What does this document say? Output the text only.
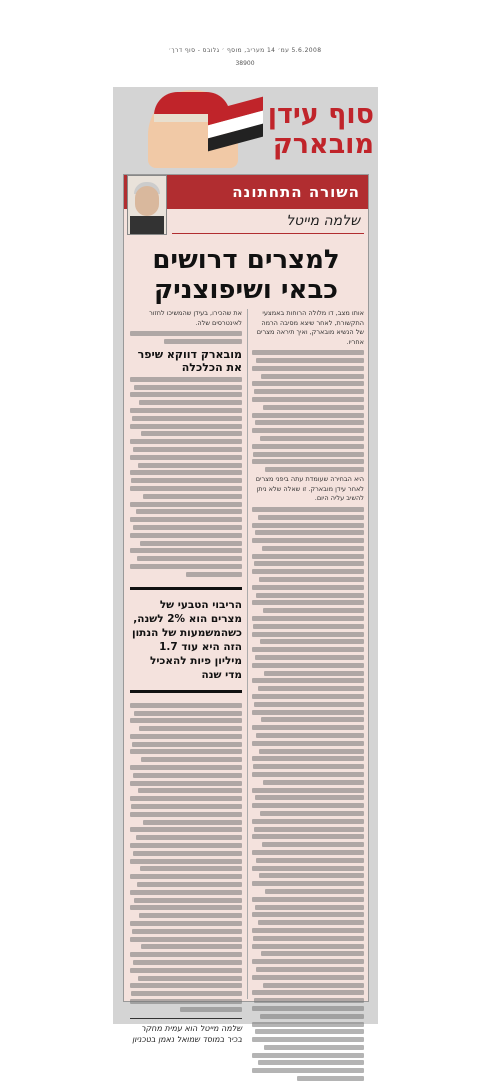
5.6.2008 עמ׳ 14 מעריב, מוסף ׳ גלובס - סוף דרך׳
38900
סוף עידן
מובארק
השורה התחתונה
שלמה מייטל
למצרים דרושים
כבאי ושיפוצניק
אותו מצב, דו מלולה הרוחות באמצעי התקשורת, לאחר שיצא מסיבה הרמה של הנשיא מובארק, ואיך תיראה מצרים אחריו.
היא הבחירה שעומדת עתה ביפני מצרים לאחר עידן מובארק. זו שאלה שלא ניתן להשיב עליה היום.
את שהכירו, בעידן שהמשיכו לחזור לאינטרסים שלה.
מובארק דווקא שיפר את הכלכלה
הריבוי הטבעי של מצרים הוא 2% לשנה, כשהמשמעות של הנתון הזה היא עוד 1.7 מיליון פיות להאכיל מדי שנה
שלמה מייטל הוא עמית מחקר בכיר במוסד שמואל נאמן בטכניון
